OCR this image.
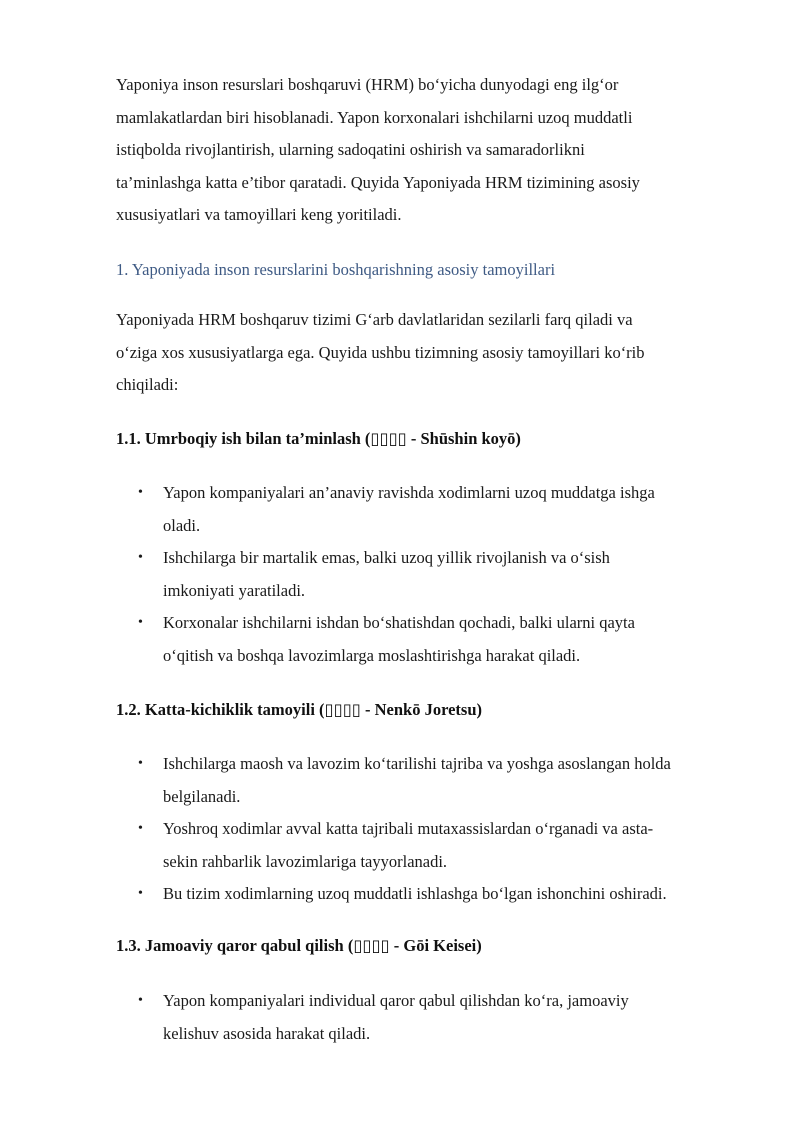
Yaponiya inson resurslari boshqaruvi (HRM) bo‘yicha dunyodagi eng ilg‘or
mamlakatlardan biri hisoblanadi. Yapon korxonalari ishchilarni uzoq muddatli
istiqbolda rivojlantirish, ularning sadoqatini oshirish va samaradorlikni
ta’minlashga katta e’tibor qaratadi. Quyida Yaponiyada HRM tizimining asosiy
xususiyatlari va tamoyillari keng yoritiladi.

1. Yaponiyada inson resurslarini boshqarishning asosiy tamoyillari

Yaponiyada HRM boshqaruv tizimi G‘arb davlatlaridan sezilarli farq qiladi va
o‘ziga xos xususiyatlarga ega. Quyida ushbu tizimning asosiy tamoyillari ko‘rib
chiqiladi:

1.1. Umrboqiy ish bilan ta’minlash (▯▯▯▯ - Shūshin koyō)
• Yapon kompaniyalari an’anaviy ravishda xodimlarni uzoq muddatga ishga
oladi.
• Ishchilarga bir martalik emas, balki uzoq yillik rivojlanish va o‘sish
imkoniyati yaratiladi.
• Korxonalar ishchilarni ishdan bo‘shatishdan qochadi, balki ularni qayta
o‘qitish va boshqa lavozimlarga moslashtirishga harakat qiladi.
1.2. Katta-kichiklik tamoyili (▯▯▯▯ - Nenkō Joretsu)
• Ishchilarga maosh va lavozim ko‘tarilishi tajriba va yoshga asoslangan holda
belgilanadi.
• Yoshroq xodimlar avval katta tajribali mutaxassislardan o‘rganadi va asta-
sekin rahbarlik lavozimlariga tayyorlanadi.
• Bu tizim xodimlarning uzoq muddatli ishlashga bo‘lgan ishonchini oshiradi.
1.3. Jamoaviy qaror qabul qilish (▯▯▯▯ - Gōi Keisei)
• Yapon kompaniyalari individual qaror qabul qilishdan ko‘ra, jamoaviy
kelishuv asosida harakat qiladi.
